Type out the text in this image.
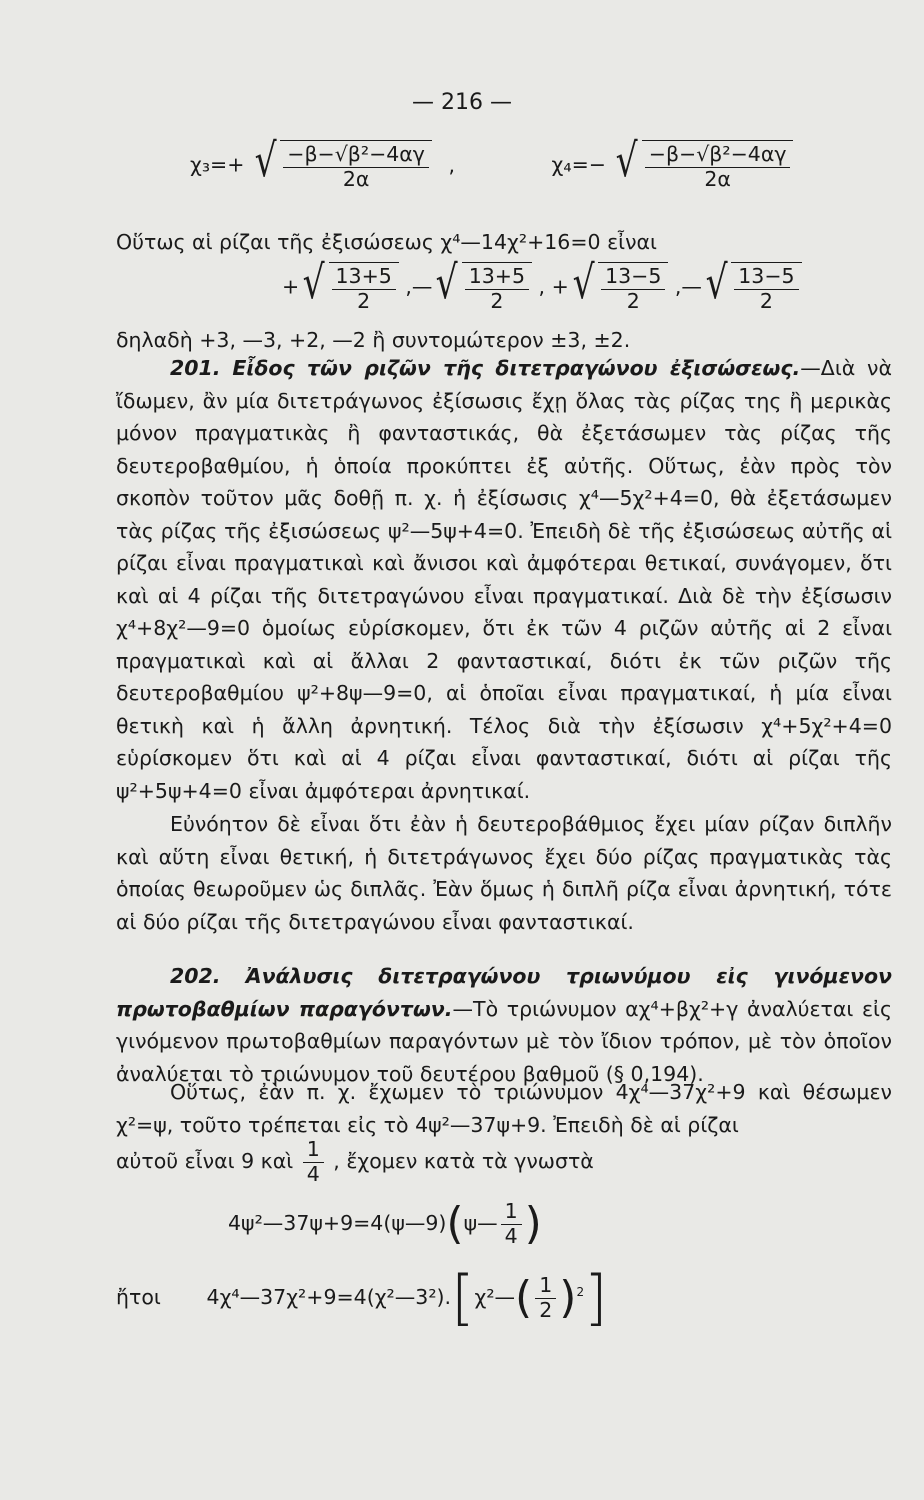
— 216 —
χ₃=+ √ $\frac{\text{−β−√β²−4αγ}}{2\alpha}$ ,	χ₄=− √ $\frac{\text{−β−√β²−4αγ}}{2\alpha}$
Οὕτως αἱ ρίζαι τῆς ἐξισώσεως χ⁴—14χ²+16=0 εἶναι
+ √ $\frac{13+5}{2}$ ,— √ $\frac{13+5}{2}$ , + √ $\frac{13-5}{2}$ ,— √ $\frac{13-5}{2}$
δηλαδὴ +3, —3, +2, —2 ἢ συντομώτερον ±3, ±2.
201. Εἶδος τῶν ριζῶν τῆς διτετραγώνου ἐξισώσεως.—Διὰ νὰ ἴδωμεν, ἂν μία διτετράγωνος ἐξίσωσις ἔχῃ ὅλας τὰς ρίζας της ἢ μερικὰς μόνον πραγματικὰς ἢ φανταστικάς, θὰ ἐξετάσωμεν τὰς ρίζας τῆς δευτεροβαθμίου, ἡ ὁποία προκύπτει ἐξ αὐτῆς. Οὕτως, ἐὰν πρὸς τὸν σκοπὸν τοῦτον μᾶς δοθῇ π. χ. ἡ ἐξίσωσις χ⁴—5χ²+4=0, θὰ ἐξετάσωμεν τὰς ρίζας τῆς ἐξισώσεως ψ²—5ψ+4=0. Ἐπειδὴ δὲ τῆς ἐξισώσεως αὐτῆς αἱ ρίζαι εἶναι πραγματικαὶ καὶ ἄνισοι καὶ ἀμφότεραι θετικαί, συνάγομεν, ὅτι καὶ αἱ 4 ρίζαι τῆς διτετραγώνου εἶναι πραγματικαί. Διὰ δὲ τὴν ἐξίσωσιν χ⁴+8χ²—9=0 ὁμοίως εὑρίσκομεν, ὅτι ἐκ τῶν 4 ριζῶν αὐτῆς αἱ 2 εἶναι πραγματικαὶ καὶ αἱ ἄλλαι 2 φανταστικαί, διότι ἐκ τῶν ριζῶν τῆς δευτεροβαθμίου ψ²+8ψ—9=0, αἱ ὁποῖαι εἶναι πραγματικαί, ἡ μία εἶναι θετικὴ καὶ ἡ ἄλλη ἀρνητική. Τέλος διὰ τὴν ἐξίσωσιν χ⁴+5χ²+4=0 εὑρίσκομεν ὅτι καὶ αἱ 4 ρίζαι εἶναι φανταστικαί, διότι αἱ ρίζαι τῆς ψ²+5ψ+4=0 εἶναι ἀμφότεραι ἀρνητικαί.
Εὐνόητον δὲ εἶναι ὅτι ἐὰν ἡ δευτεροβάθμιος ἔχει μίαν ρίζαν διπλῆν καὶ αὕτη εἶναι θετική, ἡ διτετράγωνος ἔχει δύο ρίζας πραγματικὰς τὰς ὁποίας θεωροῦμεν ὡς διπλᾶς. Ἐὰν ὅμως ἡ διπλῆ ρίζα εἶναι ἀρνητική, τότε αἱ δύο ρίζαι τῆς διτετραγώνου εἶναι φανταστικαί.
202. Ἀνάλυσις διτετραγώνου τριωνύμου εἰς γινόμενον πρωτοβαθμίων παραγόντων.—Τὸ τριώνυμον αχ⁴+βχ²+γ ἀναλύεται εἰς γινόμενον πρωτοβαθμίων παραγόντων μὲ τὸν ἴδιον τρόπον, μὲ τὸν ὁποῖον ἀναλύεται τὸ τριώνυμον τοῦ δευτέρου βαθμοῦ (§ 0,194).
Οὕτως, ἐὰν π. χ. ἔχωμεν τὸ τριώνυμον 4χ⁴—37χ²+9 καὶ θέσωμεν χ²=ψ, τοῦτο τρέπεται εἰς τὸ 4ψ²—37ψ+9. Ἐπειδὴ δὲ αἱ ρίζαι
αὐτοῦ εἶναι 9 καὶ $\frac{1}{4}$ , ἔχομεν κατὰ τὰ γνωστὰ
4ψ²—37ψ+9=4(ψ—9)(ψ— $\frac{1}{4}$ )
ἤτοι 4χ⁴—37χ²+9=4(χ²—3²).[χ²—( $\frac{1}{2} )^2$]
